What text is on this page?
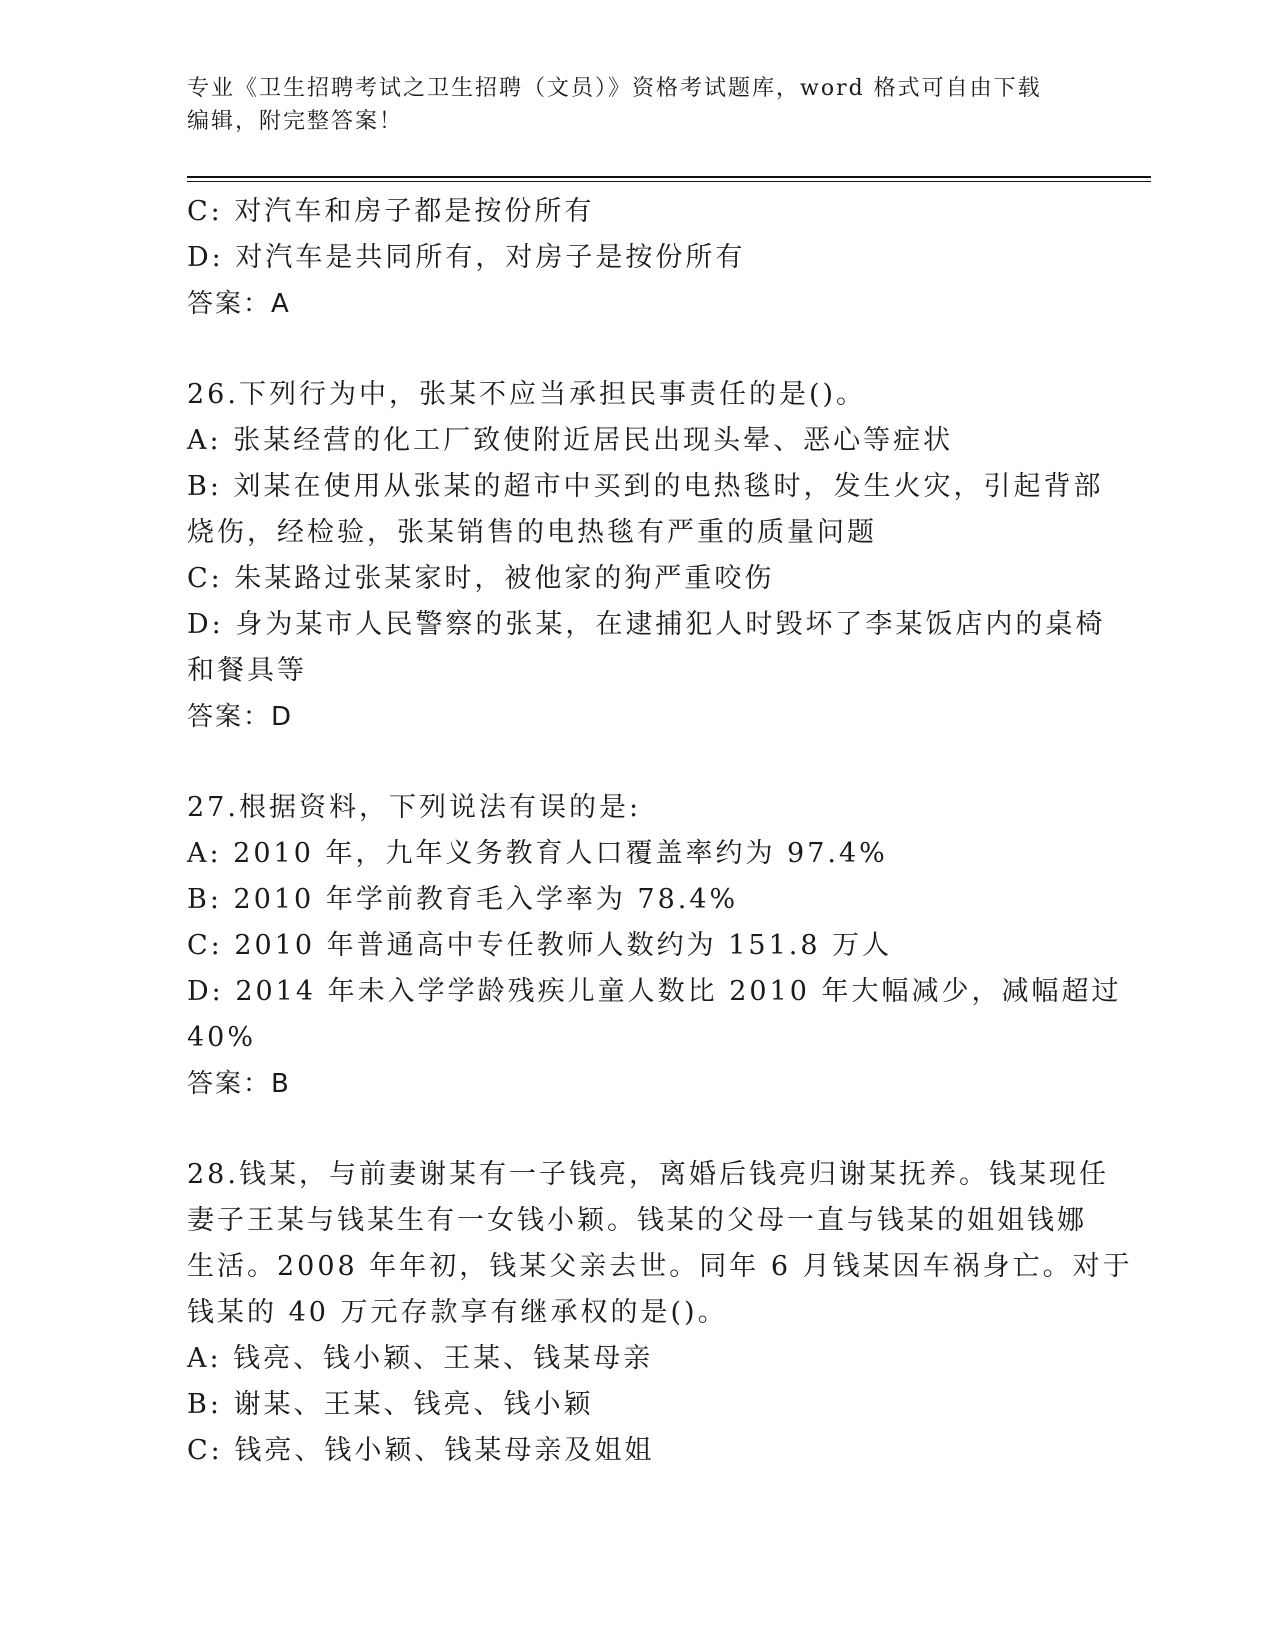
专业《卫生招聘考试之卫生招聘（文员）》资格考试题库，word 格式可自由下载
编辑，附完整答案！
C: 对汽车和房子都是按份所有
D: 对汽车是共同所有，对房子是按份所有
答案：A
26.下列行为中，张某不应当承担民事责任的是()。
A: 张某经营的化工厂致使附近居民出现头晕、恶心等症状
B: 刘某在使用从张某的超市中买到的电热毯时，发生火灾，引起背部
烧伤，经检验，张某销售的电热毯有严重的质量问题
C: 朱某路过张某家时，被他家的狗严重咬伤
D: 身为某市人民警察的张某，在逮捕犯人时毁坏了李某饭店内的桌椅
和餐具等
答案：D
27.根据资料，下列说法有误的是:
A: 2010 年，九年义务教育人口覆盖率约为 97.4%
B: 2010 年学前教育毛入学率为 78.4%
C: 2010 年普通高中专任教师人数约为 151.8 万人
D: 2014 年未入学学龄残疾儿童人数比 2010 年大幅减少，减幅超过
40%
答案：B
28.钱某，与前妻谢某有一子钱亮，离婚后钱亮归谢某抚养。钱某现任
妻子王某与钱某生有一女钱小颖。钱某的父母一直与钱某的姐姐钱娜
生活。2008 年年初，钱某父亲去世。同年 6 月钱某因车祸身亡。对于
钱某的 40 万元存款享有继承权的是()。
A: 钱亮、钱小颖、王某、钱某母亲
B: 谢某、王某、钱亮、钱小颖
C: 钱亮、钱小颖、钱某母亲及姐姐
